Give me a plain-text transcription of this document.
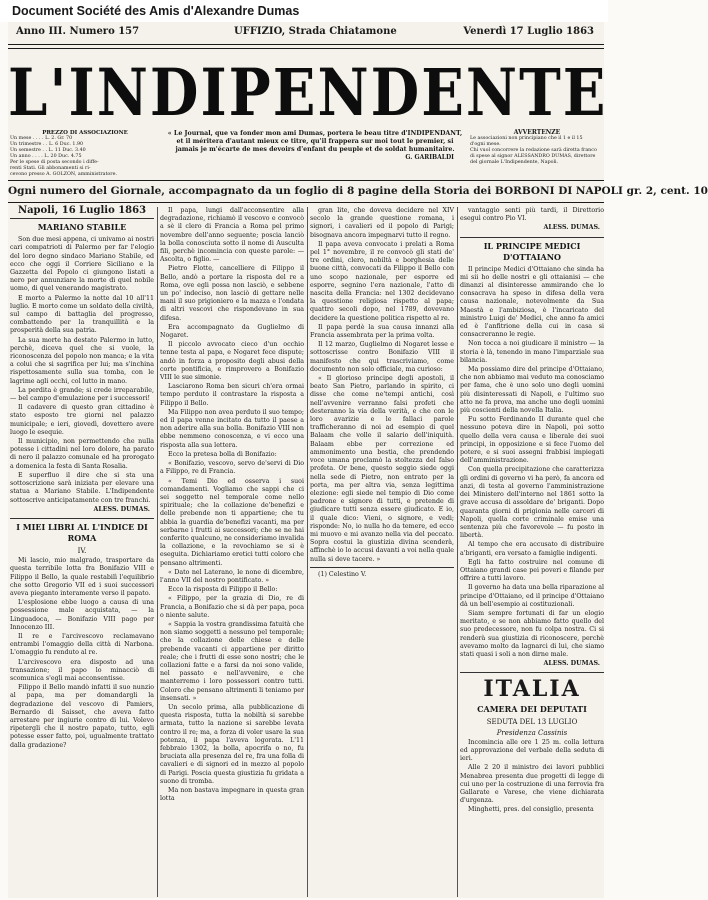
Document Société des Amis d'Alexandre Dumas
Anno III. Numero 157	UFFIZIO, Strada Chiatamone	Venerdì 17 Luglio 1863
L'INDIPENDENTE
PREZZO DI ASSOCIAZIONE
Un mese . . . . L. 2. Gr. 70
Un trimestre . . L. 6 Duc. 1.90
Un semestre . . L. 11 Duc. 3.40
Un anno . . . . L. 20 Duc. 4.75
Per le spese di posta secondo i diffe-
renti Stati. Gli abbonamenti si ri-
cevono presso A. GOLZON, amministratore.
« Le Journal, que va fonder mon ami Dumas, portera le beau titre d'INDIPENDANT, et il méritera d'autant mieux ce titre, qu'il frappera sur moi tout le premier, si jamais je m'écarte de mes devoirs d'enfant du peuple et de soldat humanitaire.
G. GARIBALDI
AVVERTENZE
Le associazioni non principiano che il 1 e il 15
d'ogni mese.
Chi vuol concorrere la redazione sarà diretta franco
di spese al signor ALESSANDRO DUMAS, direttore
del giornale L'Indipendente, Napoli.
Ogni numero del Giornale, accompagnato da un foglio di 8 pagine della Storia dei BORBONI DI NAPOLI gr. 2, cent. 10

Napoli, 16 Luglio 1863

MARIANO STABILE

Son due mesi appena, ci univamo ai nostri cari compatrioti di Palermo per far l'elogio del loro degno sindaco Mariano Stabile, ed ecco che oggi il Corriere Siciliano e la Gazzetta del Popolo ci giungono listati a nero per annunziare la morte di quel nobile uomo, di quel venerando magistrato.

E morto a Palermo la notte dal 10 all'11 luglio. E morto come un soldato della civiltà, sul campo di battaglia del progresso, combattendo per la tranquillità e la prosperità della sua patria.

La sua morte ha destato Palermo in lutto, perchè, diceva quel che si vuole, la riconoscenza del popolo non manca; e la vita a colui che si sagrifica per lui; ma s'inchina rispettosamente sulla sua tomba, con le lagrime agli occhi, col lutto in mano.

La perdita è grande; si crede irreparabile, — bel campo d'emulazione per i successori!

Il cadavere di questo gran cittadino è stato esposto tre giorni nel palazzo municipale; e ieri, giovedì, dovettero avere luogo le esequie.

Il municipio, non permettendo che nulla potesse i cittadini nel loro dolore, ha parato di nero il palazzo comunale ed ha prorogato a domenica la festa di Santa Rosalia.

E superfluo il dire che si sta una sottoscrizione sarà iniziata per elevare una statua a Mariano Stabile. L'Indipendente sottoscrive anticipatamente con tre franchi.

ALESS. DUMAS.

I MIEI LIBRI AL L'INDICE DI ROMA

IV.

Mi lascio, mio malgrado, trasportare da questa terribile lotta fra Bonifazio VIII e Filippo il Bello, la quale restabilì l'equilibrio che sotto Gregorio VII ed i suoi successori aveva pieganto interamente verso il papato.

L'esplosione ebbe luogo a causa di una possessione male acquistata, — la Linguadoca, — Bonifazio VIII pago per Innocenzo III.

Il re e l'arcivescovo reclamavano entrambi l'omaggio della città di Narbona. L'omaggio fu renduto al re.

L'arcivescovo era disposto ad una transazione; il papo lo minacciò di scomunica s'egli mai acconsentisse.

Filippo il Bello mandò infatti il suo nunzio al papa, ma per domandargli la degradazione del vescovo di Pamiers, Bernardo di Saisset, che aveva fatto arrestare per ingiurie contro di lui. Volevo ripetergli che il nostro papato, tutto, egli potesse esser fatto, poi, ugualmente trattato dalla gradazione?

Il papa, lungi dall'acconsentire alla degradazione, richiamò il vescovo e convocò a sè il clero di Francia a Roma pel primo novembre dell'anno seguente; poscia lanciò la bolla conosciuta sotto il nome di Ausculta fili, perchè incomincia con queste parole: — Ascolta, o figlio. —

Pietro Flotte, cancelliere di Filippo il Bello, andò a portare la risposta del re a Roma, ove egli possa non lasciò, e sebbene un po' indeciso, non lasciò di gettare nelle mani il suo prigioniero e la mazza e l'ondata di altri vescovi che rispondevano in sua difesa.

Era accompagnato da Guglielmo di Nogaret.

Il piccolo avvocato cieco d'un occhio tenne testa al papa, e Nogaret fece dispute; andò in forza a proposito degli abusi della corte pontificia, e rimprovero a Bonifazio VIII le sue simonie.

Lasciarono Roma ben sicuri ch'era ormai tempo perduto il contrastare la risposta a Filippo il Bello.

Ma Filippo non avea perduto il suo tempo; ed il papa venne incitato da tutto il paese a non aderire alla sua bolla. Bonifazio VIII non ebbe nemmeno conoscenza, e vi ecco una risposta alla sua lettera.

Ecco la pretesa bolla di Bonifazio:

« Bonifazio, vescovo, servo de'servi di Dio a Filippo, re di Francia.

« Temi Dio ed osserva i suoi comandamenti. Vogliamo che sappi che ci sei soggetto nel temporale come nello spirituale; che la collazione de'benefizi e delle prebende non ti appartiene; che tu abbia la guardia de'benefizi vacanti, ma per serbarne i frutti ai successori; che se ne hai conferito qualcuno, ne consideriamo invalida la collazione, e la revochiamo se si è eseguita. Dichiariamo eretici tutti coloro che pensano altrimenti.

« Dato nel Laterano, le none di dicembre, l'anno VII del nostro pontificato. »

Ecco la risposta di Filippo il Bello:

« Filippo, per la grazia di Dio, re di Francia, a Bonifazio che si dà per papa, poca o niente salute.

« Sappia la vostra grandissima fatuità che non siamo soggetti a nessuno pel temporale; che la collazione delle chiese e delle prebende vacanti ci appartiene per diritto reale; che i frutti di esse sono nostri; che le collazioni fatte e a farsi da noi sono valide, nel passato e nell'avvenire, e che manterremo i loro possessori contro tutti. Coloro che pensano altrimenti li teniamo per insensati. »

Un secolo prima, alla pubblicazione di questa risposta, tutta la nobiltà si sarebbe armata, tutto la nazione si sarebbe levata contro il re; ma, a forza di voler usare la sua potenza, il papa l'aveva logorata. L'11 febbraio 1302, la bolla, apocrifa o no, fu bruciata alla presenza del re, fra una folla di cavalieri e di signori ed in mezzo al popolo di Parigi. Poscia questa giustizia fu gridata a suono di tromba.

Ma non bastava impegnare in questa gran lotta

gran lite, che doveva decidere nel XIV secolo la grande questione romana, i signori, i cavalieri ed il popolo di Parigi; bisognava ancora impegnarvi tutto il regno.

Il papa aveva convocato i prelati a Roma pel 1° novembre, il re convocò gli stati de' tre ordini, clero, nobiltà e borghesia delle buone città, convocati da Filippo il Bello con uno scopo nazionale, per esporre ed esporre, segnino l'era nazionale, l'atto di nascita della Francia: nel 1302 decidevano la questione religiosa rispetto al papa; quattro secoli dopo, nel 1789, dovevano decidere la questione politica rispetto al re.

Il papa perdè la sua causa innanzi alla Francia assembrata per la prima volta.

Il 12 marzo, Guglielmo di Nogaret lesse e sottoscrisse contro Bonifazio VIII il manifesto che qui trascriviamo, come documento non solo officiale, ma curioso:

« Il glorioso principe degli apostoli, il beato San Pietro, parlando in spirito, ci disse che come ne'tempi antichi, così nell'avvenire verranno falsi profeti che desteranno la via della verità, e che con le loro avarizie e le fallaci parole trafficheranno di noi ad esempio di quel Balaam che volle il salario dell'iniquità. Balaam ebbe per correzione ed ammonimento una bestia, che prendendo voce umana proclamò la stoltezza del falso profeta. Or bene, questo seggio siede oggi nella sede di Pietro, non entrato per la porta, ma per altra via, senza legittima elezione: egli siede nel tempio di Dio come padrone e signore di tutti, e pretende di giudicare tutti senza essere giudicato. E io, il quale dico: Vieni, o signore, e vedi; risponde: No, io nulla ho da temere, ed ecco mi muovo e mi avanzo nella via del peccato. Sopra costui la giustizia divina scenderà, affinchè io lo accusi davanti a voi nella quale nulla si deve tacere. »

(1) Celestino V.

vantaggio senti più tardi, il Direttorio eseguì contro Pio VI.

ALESS. DUMAS.

IL PRINCIPE MEDICI D'OTTAIANO

Il principe Medici d'Ottaiano che sinda ha mi sii ho delle nostri e gli ottaianisi — che dinanzi al disinteresse ammirando che lo consacrava ha speso in difesa della vera causa nazionale, notevolmente da Sua Maestà e l'ambiziosa, è l'incaricato del ministro Luigi de' Medici, che anno fa amici ed è l'anfitrione della cui in casa si consacreranno le regie.

Non tocca a noi giudicare il ministro — la storia è là, tenendo in mano l'imparziale sua bilancia.

Ma possiamo dire del principe d'Ottaiano, che non abbiamo mai veduto ma conosciamo per fama, che è uno solo uno degli uomini più disinteressati di Napoli, e l'ultimo suo atto ne fa prova, ma anche uno degli uomini più coscienti della novella Italia.

Fu sotto Ferdinando II durante quel che nessuno poteva dire in Napoli, poi sotto quello della vera causa e liberale dei suoi principi, in opposizione e si fece l'uomo del potere, e si suoi assegni frabbisi impiegati dell'amministrazione.

Con quella precipitazione che caratterizza gli ordini di governo vi ha però, fa ancora ed anzi, di testa al governo l'amministrazione dei Ministero dell'interno nel 1861 sotto la grave accusa di assoldare de' briganti. Dopo quaranta giorni di prigionia nelle carceri di Napoli, quella corte criminale emise una sentenza più che favorevole — fu posto in libertà.

Al tempo che era accusato di distribuire a'briganti, era versato a famiglie indigenti.

Egli ha fatto costruire nel comune di Ottaiano grandi case pei poveri e filande per offrire a tutti lavoro.

Il governo ha data una bella riparazione al principe d'Ottaiano, ed il principe d'Ottaiano dà un bell'esempio ai costituzionali.

Siam sempre fortunati di far un elogio meritato, e se non abbiamo fatto quello del suo predecessore, non fu colpa nostra. Ci si renderà sua giustizia di riconoscere, perchè avevamo molto da lagnarci di lui, che siamo stati quasi i soli a non dirne male.

ALESS. DUMAS.

ITALIA

CAMERA DEI DEPUTATI

SEDUTA DEL 13 LUGLIO

Presidenza Cassinis

Incomincia alle ore 1 25 m. colla lettura ed approvazione del verbale della seduta di ieri.

Alle 2 20 il ministro dei lavori pubblici Menabrea presenta due progetti di legge di cui uno per la costruzione di una ferrovia fra Gallarate e Varese, che viene dichiarata d'urgenza.

Minghetti, pres. del consiglio, presenta
